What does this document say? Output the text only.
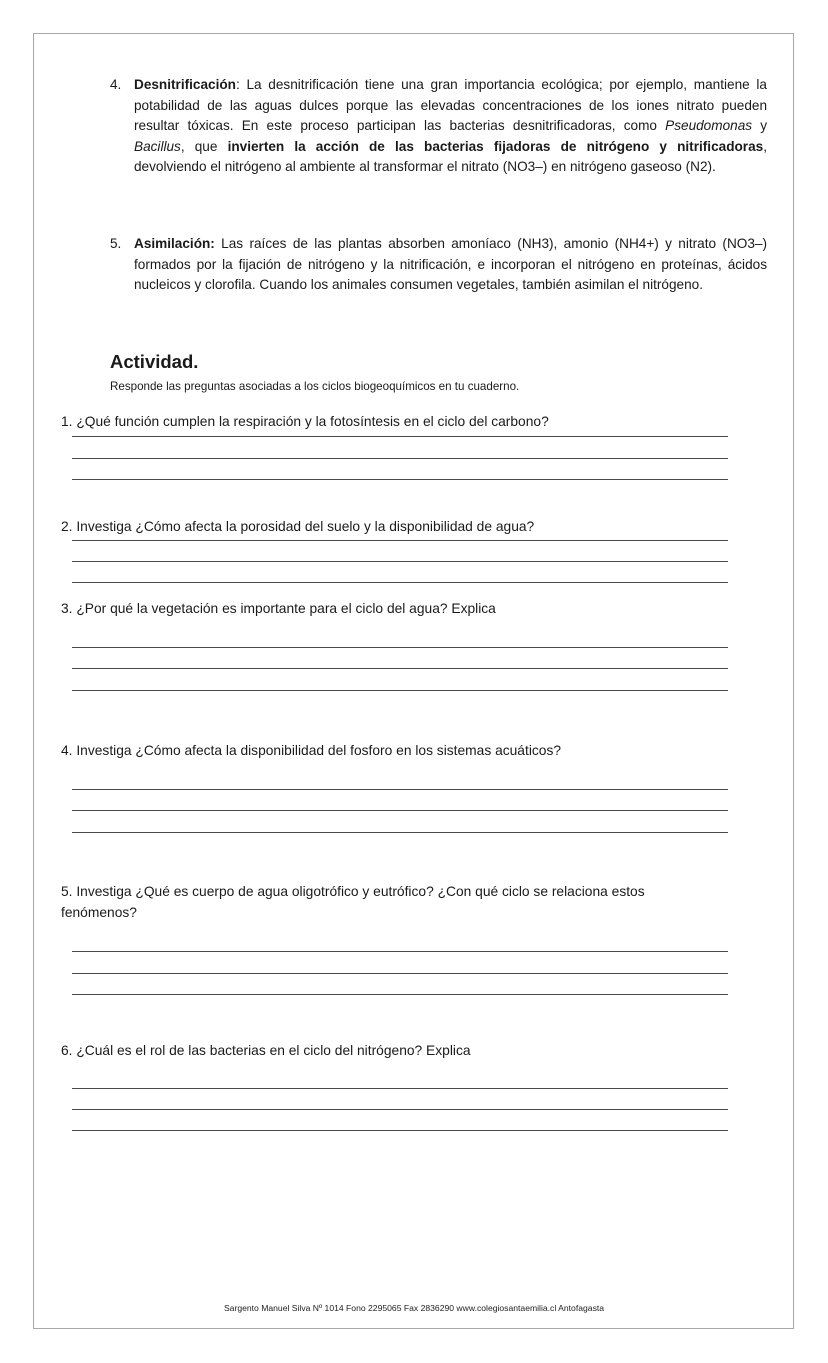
4. Desnitrificación: La desnitrificación tiene una gran importancia ecológica; por ejemplo, mantiene la potabilidad de las aguas dulces porque las elevadas concentraciones de los iones nitrato pueden resultar tóxicas. En este proceso participan las bacterias desnitrificadoras, como Pseudomonas y Bacillus, que invierten la acción de las bacterias fijadoras de nitrógeno y nitrificadoras, devolviendo el nitrógeno al ambiente al transformar el nitrato (NO3–) en nitrógeno gaseoso (N2).
5. Asimilación: Las raíces de las plantas absorben amoníaco (NH3), amonio (NH4+) y nitrato (NO3–) formados por la fijación de nitrógeno y la nitrificación, e incorporan el nitrógeno en proteínas, ácidos nucleicos y clorofila. Cuando los animales consumen vegetales, también asimilan el nitrógeno.
Actividad.
Responde las preguntas asociadas a los ciclos biogeoquímicos en tu cuaderno.
1. ¿Qué función cumplen la respiración y la fotosíntesis en el ciclo del carbono?
2. Investiga ¿Cómo afecta la porosidad del suelo y la disponibilidad de agua?
3. ¿Por qué la vegetación es importante para el ciclo del agua? Explica
4. Investiga ¿Cómo afecta la disponibilidad del fosforo en los sistemas acuáticos?
5. Investiga ¿Qué es cuerpo de agua oligotrófico y eutrófico? ¿Con qué ciclo se relaciona estos fenómenos?
6. ¿Cuál es el rol de las bacterias en el ciclo del nitrógeno? Explica
Sargento Manuel Silva Nº 1014 Fono 2295065 Fax 2836290 www.colegiosantaemilia.cl Antofagasta
